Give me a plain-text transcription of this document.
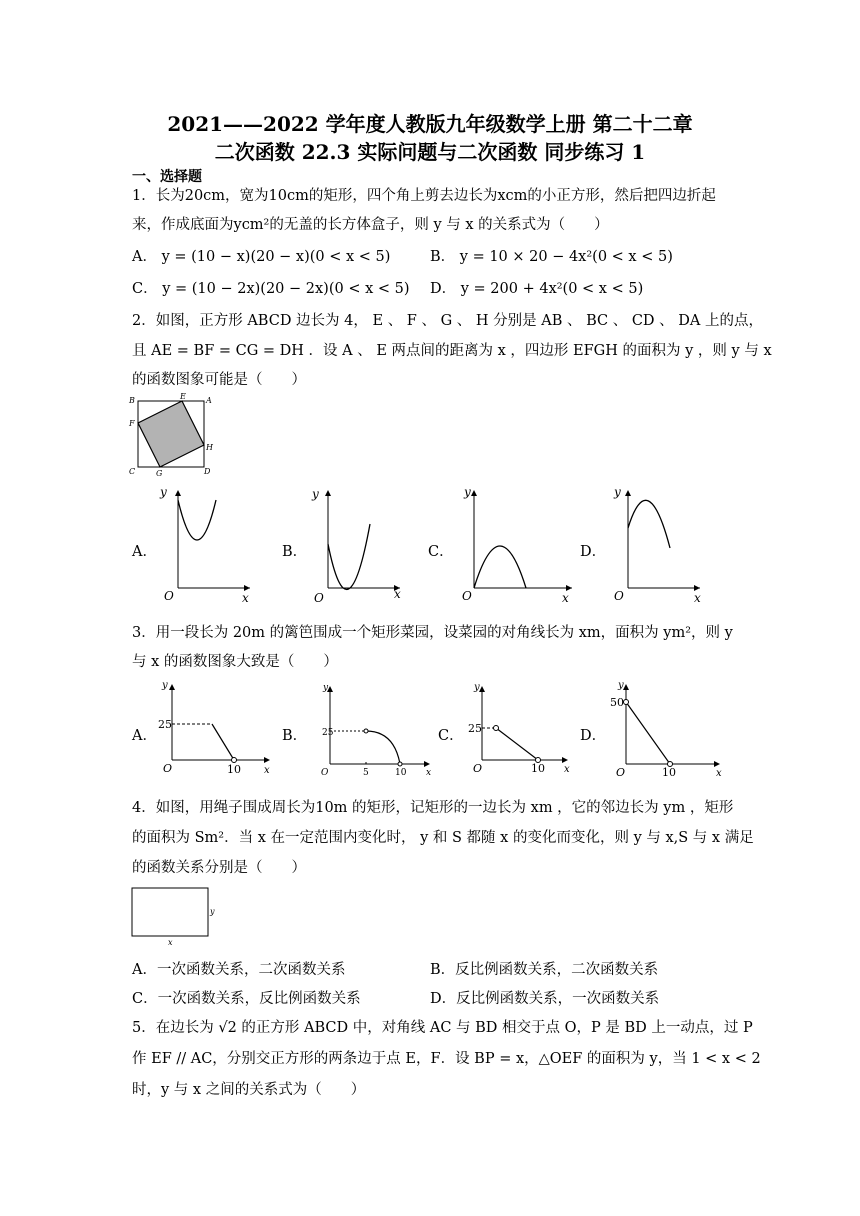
2021——2022 学年度人教版九年级数学上册 第二十二章
二次函数 22.3 实际问题与二次函数 同步练习 1
一、选择题
1．长为20cm，宽为10cm的矩形，四个角上剪去边长为xcm的小正方形，然后把四边折起
来，作成底面为ycm²的无盖的长方体盒子，则 y 与 x 的关系式为（　　）
A． y = (10 − x)(20 − x)(0 < x < 5)	B． y = 10 × 20 − 4x²(0 < x < 5)
C． y = (10 − 2x)(20 − 2x)(0 < x < 5) D． y = 200 + 4x²(0 < x < 5)
2．如图，正方形 ABCD 边长为 4， E 、 F 、 G 、 H 分别是 AB 、 BC 、 CD 、 DA 上的点，
且 AE = BF = CG = DH ．设 A 、 E 两点间的距离为 x ，四边形 EFGH 的面积为 y ，则 y 与 x
的函数图象可能是（　　）
B	E	A
F
H
C	G	D
A．
y
x
O
B．
y
x
O
C．
y
x
O
D．
y
x
O
3．用一段长为 20m 的篱笆围成一个矩形菜园，设菜园的对角线长为 xm，面积为 ym²，则 y
与 x 的函数图象大致是（　　）
A．
25
10
y
x
O
B． 25
5	10
y
x
O
C． 25
10
y
x
O
D．
50
10
y
x
O
4．如图，用绳子围成周长为10m 的矩形，记矩形的一边长为 xm ，它的邻边长为 ym ，矩形
的面积为 Sm²．当 x 在一定范围内变化时， y 和 S 都随 x 的变化而变化，则 y 与 x,S 与 x 满足
的函数关系分别是（　　）
y
x
A．一次函数关系，二次函数关系	B．反比例函数关系，二次函数关系
C．一次函数关系，反比例函数关系	D．反比例函数关系，一次函数关系
5．在边长为 √2 的正方形 ABCD 中，对角线 AC 与 BD 相交于点 O，P 是 BD 上一动点，过 P
作 EF // AC，分别交正方形的两条边于点 E，F．设 BP = x，△OEF 的面积为 y，当 1 < x < 2
时，y 与 x 之间的关系式为（　　）
